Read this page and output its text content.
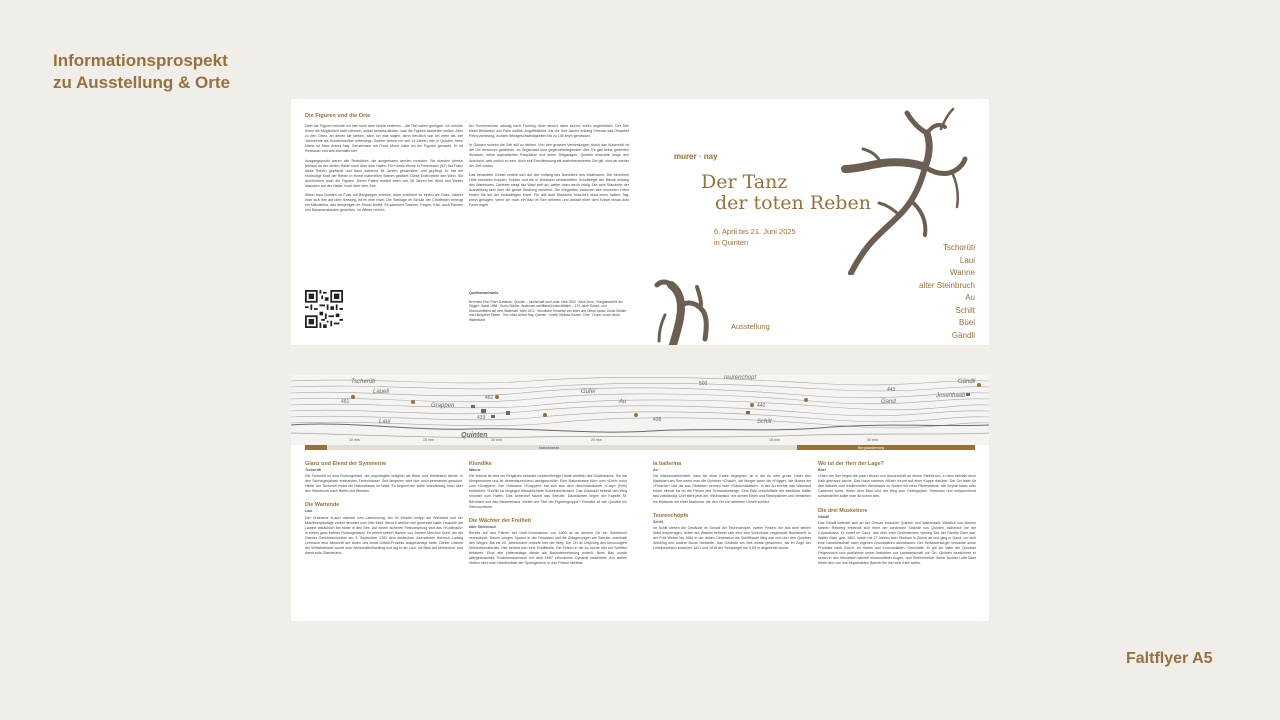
Informationsprospekt
zu Ausstellung & Orte
Faltflyer A5
Die Figuren und die Orte

Über die Figuren möchte ich hier nicht viele Worte verlieren – die Titel sollen genügen. Ich möchte Ihnen die Möglichkeit nicht nehmen, selbst herauszufinden, was die Figuren darstellen wollen. Aber zu den Orten, an denen sie stehen, kann ich was sagen, denn beruflich war ich mehr als vier Jahrzehnte als Kunsthistoriker unterwegs. Zudem wohne ich seit 14 Jahren hier in Quinten. Mein Name ist Marc Antoni Nay. Gemeinsam mit Franz Murer habe ich die Figuren gemacht. Er ist Rebbauer und lebt ebenfalls hier.

Ausgangspunkt waren alte Rebstöcke, die ausgerissen werden mussten. Sie standen jahrein jahraus an der steilen Halde hoch über dem Hafen. Für Kürnis Weine in Freienbach (SZ) hat Franz diese Reben gepflanzt und dann während 38 Jahren geschnitten und gepflegt. Er hat die eindeutige Kraft der Reben in einem materiellen Stamm gebildet. Diese Kraft belebt den Wein. Sie durchströmt auch die Figuren. Deren Patina erzählt eben von 38 Jahren bei Wind und Wetter draussen auf der Halde, hoch über dem See.

Wenn man Quinten zu Fuss auf Bergwegen erreicht, dann erscheint es einem als Oase, stärker man sich ihm auf dem Seeweg, ist es eine Insel. Die Steillage im Schutz der Churfirsten erzeugt ein Mikroklima, das demjenigen im Tessin ähnelt. Es wachsen Trauben, Feigen, Kiwi, auch Palmen und Bananenstauden gedeihen. Im Winter reicht's

bei Sonnenschein ständig nach Frühling. Aber wenn's dann stürmt, wird's ungemütlich. Der See bleibt Westwind und Föhn seitlich Angriffsfläche. Als vor fünf Jahren entlang Februar das Orkantief Petra vorbeizog, wurden Windgeschwindigkeiten bis zu 100 km/h gemessen.

In Quinten scheint die Zeit still zu stehen. Von den grossen Verbindungen durch das Automobil ist der Ort verschont geblieben. Im Gegensatz zum gegenüberliegenden Ufer. Es gibt keine geteerten Strassen, keine asphaltierten Parkplätze und keine Tiefgaragen. Quinten erweckte lange den Anschein, weit zurück zu sein, doch seit Erschliessung als anstrebenswertes Ziel gilt, sind wir wieder der Zeit voraus.

Das besiedelte Gebiet verteilt sich auf vier entlang des Nordufers des Walensees. Die einzelnen Höfe besetzen Kuppen, Hohlen und die in Wiesland verwandelten Schuttkegel der Bäche entlang des Walensees. Dahinter steigt der Wald steil an, weiter oben wird's felsig. Die acht Standorte der Ausstellung sind über die ganze Siedlung verstreut. Die Wegzeiten zwischen den einzelnen Orten finden Sie auf der rückwärtigen Karte. Für alle acht Standorte braucht's etwa einen halben Tag, wenn genügen, wenn sie noch ein Bad im See nehmen und anstatt einer dem Knisel etwas aufs Feuer legen.

Quellennachweis
Bernhard Hidi, Peter Danatsch, Quinten – Landschaft und Laute. Mels 2000 · Alois Senti, «Sargasserlicht der Stiggli». Basel 1958 · Guido Städler, Walensee-schifffahrt/Lichtschifffahrt – 175 Jahre Dampf- und Motorschifffahrt auf dem Walensee. Mels 2012 · Mündliche Hinweise von leder und Otmar Jauss; Guido Städler und Hanspeter Städel · Text: Marc Antoni Nay, Quinten · Grafik: Melissa Sonkel, Chur · Druck: kooch druck, Walenstadt
murer · nay
Der Tanz
der toten Reben
6. April bis 21. Juni 2025
in Quinten
Ausstellung
Tschorüti
Laui
Wanne
alter Steinbruch
Au
Schilt
Büel
Gändli
Tscherüti
Laueli
Laui
Grappen
Quinten
Gufel
Teurenchopf
Au
Schilt
Gändli
Gand
Josenhaab
461
462
433	438
500
440
443
10 min	15 min	20 min	20 min	10 min	30 min
Naturstrasse	Bergwanderweg
Glanz und Elend der Symmetrie
Tschorüti

Die Tschorüti ist eine Rodungsinsel, die ursprünglich lediglich als Wies- und Weideland diente. In den Sechzigerjahren entstanden Ferienhäuser. Seit längerem wird hier auch permanent gewohnt. Hinter der Tschorüti endet die Naturstrasse im Wald. Es beginnt der steile Wanderweg hoch über den Steinbruch nach Betlis und Weesen.

Die Wartende
Laui

Der Ortsname «Laui» stammt vom Lawinenzug, der im Westen knapp am Wiesland und der Maulbeerplantage vorbei herunter zum Ufer führt. Wenn's wirklich viel geschneit hatte, rauschte die Lawine tatsächlich bis hinter in den See. Auf einem sicheren Felsvorsprung sitzt das «Kuhlihaus» in einem ganz kleinen Rodungsstand. Es erhielt seinen Namen von Johann Melchior Kuhli, der als Glarner Gerichtsschreiber am 3. September 1782 dem deutschen Journalisten Heinrich Ludwig Lehmann eine Abschrift der Akten des Anna Göldin-Prozess ausgehändigt hatte. Dieser Urahne der Whistleblower wurde zum Wirtschaftsflüchtling und lag in der Laui, mit Blick auf Mühlehorn, und damit aufs Glarnerland.

Klondike
Wanne

Die Wanne ist eine mit Reigärten besetzte muldenförmige Halde westlich des Dolderbachs. Sie hat Morgensonne und ist dementsprechend windgeschützt. Eine Naturstrasse führt vom «Dorf» hoch zum «Grappen». Der Ortsname «Grappen» hat sich aus dem rätoromanischen «Crap» (Fels) entwickelt. «Dörfli» ist hingegen alteschlichtete Schweizerdeutsch. Das Unterdorf besetzt den Weg hinunter zum Hafen. Das Unterdorf säumt das Seeufer. Dazwischen liegen die Kapelle St. Bernhard und das Mesmerhaus. Weiter der Titel der Figurengruppe? Klondike ist wie Quinten ein Sehnsuchtsort.

Die Wächter der Freiheit
alter Steinbruch

Bereits auf den Plänen der Linth-Kommission von 1800 ist an diesem Ort ein Steinbruch verzeichnet. Davon zeugen Spuren in der Felswand und die Ablagerungen am Seeufer unterhalb des Weges. Bis ins 20. Jahrhundert ordnete hier der Weg. Der Ort ist Ursprung des bevorzugten Mühlsteinmaterials. Hier befand sich eine Schiffstelle. Die Felsen in die Au wurde hier mit Schiffen befahren. Eine alte Hafenanlage diente als Bauunternehmung erstellt. Beim Bau wurde allergeibrachtes Trockenmauerwerk mit dem 1667 erfundenen Dynamit bearbeitet. Am steilen Stellen sind noch Überbleibsel der Sprengbohrer in den Felsen sichtbar.

la ballerina
Au

Die Wahrscheinlichkeit, dass sie einer Katze begegnen, ist in der Au sehr gross. Unter den Nachbarn am See nennt man die Quintner «Chack», die Murger wenn die «Fögge», die Molser die «Frösche» und die aus Obstetten nennen man «Gänschtädtlich». In der Au reichte das Wiesland früher einmal bis an die Felsen des Schrandenberge. Eine Rille verschüttete die westliche Hälfte fast vollständig. Dort steht jetzt der «Mühliwald», mit seinen Eiben und Stechpalmen und entstehen ein Bildstock mit einer Madonna, die den Ort vor weiterem Unheil schützt.

Teurenchöpfe
Schilt

Im Schilt stehen die Gebäude im Schutz der Teurenchöpfe, zweier Felsen, die aus dem steilen Wald emporragen. Unten am Wasser befindet sich eine zum Wohnhaus umgebaute Bootswerft. In der Fritz Weber bis 1956 in der dritten Generation als Schiffbauer tätig war und dort den Quintner Weidling und andere Boote herstellte. Das Gelände am See wurde gewonnen, als im Zuge der Linthkorrektion zwischen 1811 und 1816 der Seespiegel um 5,50 m abgesenkt wurde.

Wo ist der Herr der Lage?
Büel

Unten am See liegen die paar Häuser von Ausserschilt an einem Steinbruch, in dem einmals auch Kalk gebrannt wurde. Das Haus namens «Büel» thront auf einer Kuppe darüber. Der Ort leitet für den Wandel vom traditionellen Weinbauer zu Sorten mit mehr Pilzresistenz, wie Seyval blanc oder Cabernet cortis. Hinter dem Büel wird der Weg zum Gebirgspfad. Trittsicher und entsprechend schwindelfrei sollte man da schon sein.

Die drei Musketiere
Gändli

Das Gändli befindet sich an der Grenze zwischen Quinten und Walenstadt. Westlich von diesem kleinen Rebberg erstreckt sich einer der schönsten Strände von Quinten, sicherlich nie die Copacabana. Er endet im Gand, das über zwei Generationen hinweg Sitz der Familie Baer war. Walter Baer, geb. 1862, brach mit 27 Jahren sein Studium in Zürich ab und ging in Gand, um sich eine Landwirtschaft nach eigenen Grundsätzen aufzubauen. Der Selbstversorger verkaufte seine Produkte nach Zürich, an Hotels und Konsumläden. Geschäfte. Er gilt als Vater der Quintner Feigenzucht und publizierte seine Ansichten zur Landwirtschaft vor Ort. Quinten bezeichnet er schon in den Hinweisen seinem einwandfreier Augen- und Seelenmeide. Seine Tochter Lotte Baer führte den von ihm begründeten Betrieb bis ins hohe Alter weiter.
